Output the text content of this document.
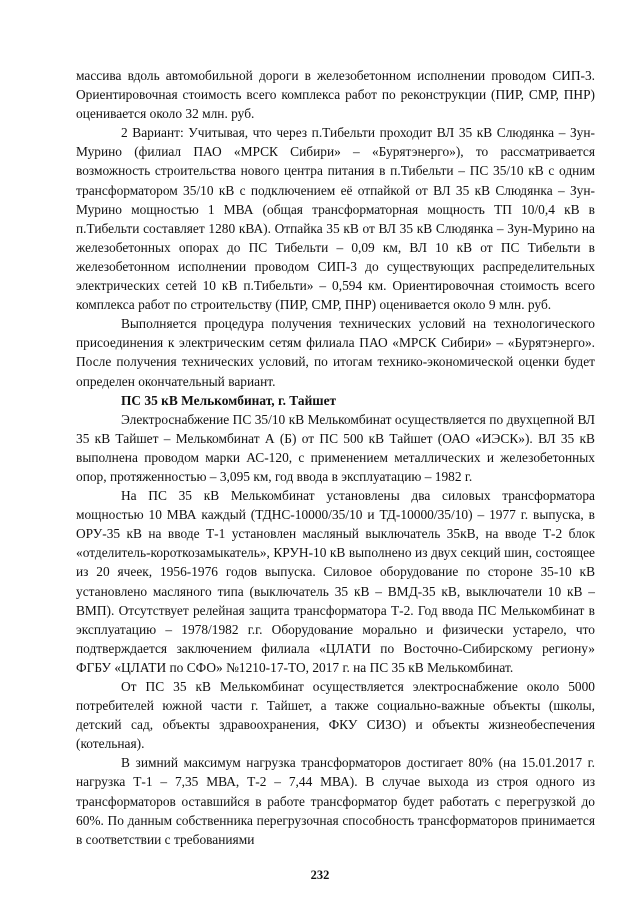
массива вдоль автомобильной дороги в железобетонном исполнении проводом СИП-3. Ориентировочная стоимость всего комплекса работ по реконструкции (ПИР, СМР, ПНР) оценивается около 32 млн. руб.

2 Вариант: Учитывая, что через п.Тибельти проходит ВЛ 35 кВ Слюдянка – Зун-Мурино (филиал ПАО «МРСК Сибири» – «Бурятэнерго»), то рассматривается возможность строительства нового центра питания в п.Тибельти – ПС 35/10 кВ с одним трансформатором 35/10 кВ с подключением её отпайкой от ВЛ 35 кВ Слюдянка – Зун-Мурино мощностью 1 МВА (общая трансформаторная мощность ТП 10/0,4 кВ в п.Тибельти составляет 1280 кВА). Отпайка 35 кВ от ВЛ 35 кВ Слюдянка – Зун-Мурино на железобетонных опорах до ПС Тибельти – 0,09 км, ВЛ 10 кВ от ПС Тибельти в железобетонном исполнении проводом СИП-3 до существующих распределительных электрических сетей 10 кВ п.Тибельти» – 0,594 км. Ориентировочная стоимость всего комплекса работ по строительству (ПИР, СМР, ПНР) оценивается около 9 млн. руб.

Выполняется процедура получения технических условий на технологического присоединения к электрическим сетям филиала ПАО «МРСК Сибири» – «Бурятэнерго». После получения технических условий, по итогам технико-экономической оценки будет определен окончательный вариант.

ПС 35 кВ Мелькомбинат, г. Тайшет

Электроснабжение ПС 35/10 кВ Мелькомбинат осуществляется по двухцепной ВЛ 35 кВ Тайшет – Мелькомбинат А (Б) от ПС 500 кВ Тайшет (ОАО «ИЭСК»). ВЛ 35 кВ выполнена проводом марки АС-120, с применением металлических и железобетонных опор, протяженностью – 3,095 км, год ввода в эксплуатацию – 1982 г.

На ПС 35 кВ Мелькомбинат установлены два силовых трансформатора мощностью 10 МВА каждый (ТДНС-10000/35/10 и ТД-10000/35/10) – 1977 г. выпуска, в ОРУ-35 кВ на вводе Т-1 установлен масляный выключатель 35кВ, на вводе Т-2 блок «отделитель-короткозамыкатель», КРУН-10 кВ выполнено из двух секций шин, состоящее из 20 ячеек, 1956-1976 годов выпуска. Силовое оборудование по стороне 35-10 кВ установлено масляного типа (выключатель 35 кВ – ВМД-35 кВ, выключатели 10 кВ – ВМП). Отсутствует релейная защита трансформатора Т-2. Год ввода ПС Мелькомбинат в эксплуатацию – 1978/1982 г.г. Оборудование морально и физически устарело, что подтверждается заключением филиала «ЦЛАТИ по Восточно-Сибирскому региону» ФГБУ «ЦЛАТИ по СФО» №1210-17-ТО, 2017 г. на ПС 35 кВ Мелькомбинат.

От ПС 35 кВ Мелькомбинат осуществляется электроснабжение около 5000 потребителей южной части г. Тайшет, а также социально-важные объекты (школы, детский сад, объекты здравоохранения, ФКУ СИЗО) и объекты жизнеобеспечения (котельная).

В зимний максимум нагрузка трансформаторов достигает 80% (на 15.01.2017 г. нагрузка Т-1 – 7,35 МВА, Т-2 – 7,44 МВА). В случае выхода из строя одного из трансформаторов оставшийся в работе трансформатор будет работать с перегрузкой до 60%. По данным собственника перегрузочная способность трансформаторов принимается в соответствии с требованиями

232
